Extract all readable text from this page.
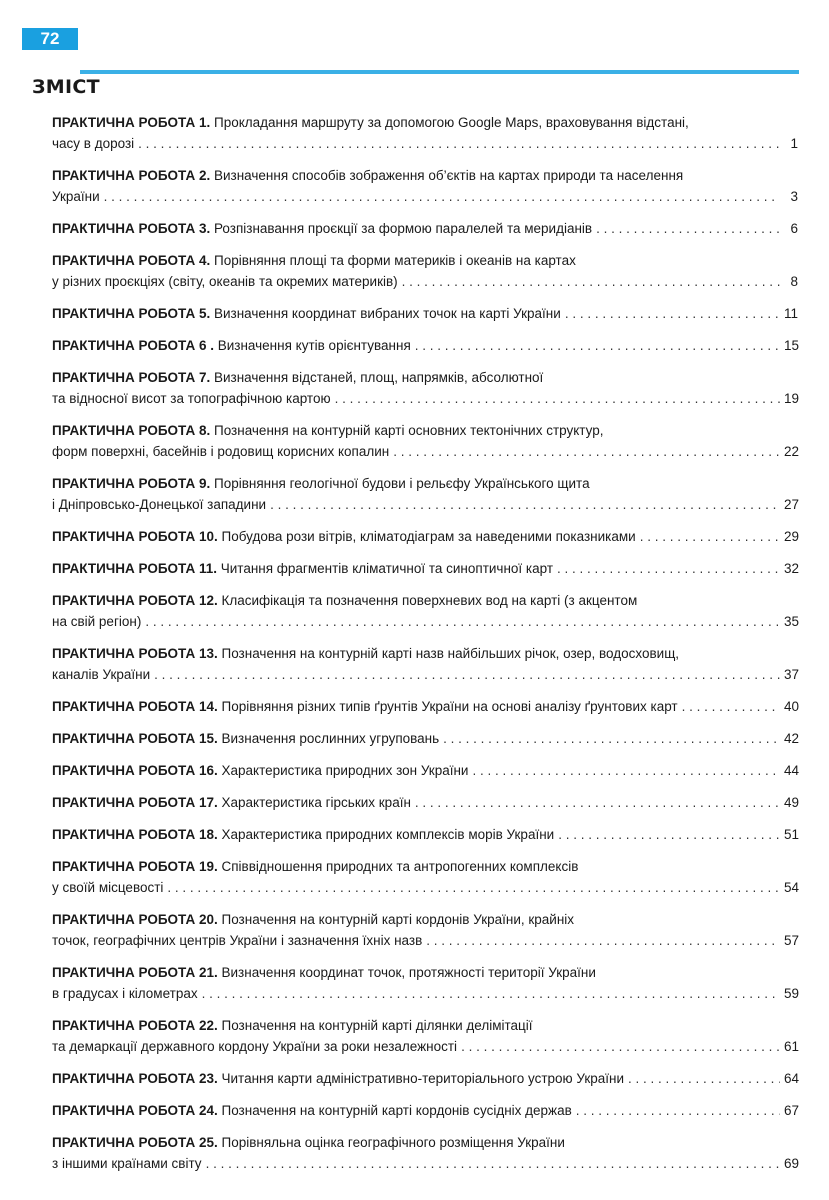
72
ЗМІСТ
ПРАКТИЧНА РОБОТА 1. Прокладання маршруту за допомогою Google Maps, враховування відстані,
часу в дорозі . . .	1
ПРАКТИЧНА РОБОТА 2. Визначення способів зображення об’єктів на картах природи та населення
України . . .	3
ПРАКТИЧНА РОБОТА 3. Розпізнавання проєкції за формою паралелей та меридіанів . . .	6
ПРАКТИЧНА РОБОТА 4. Порівняння площі та форми материків і океанів на картах
у різних проєкціях (світу, океанів та окремих материків) . . .	8
ПРАКТИЧНА РОБОТА 5. Визначення координат вибраних точок на карті України . . .	11
ПРАКТИЧНА РОБОТА 6 . Визначення кутів орієнтування . . .	15
ПРАКТИЧНА РОБОТА 7. Визначення відстаней, площ, напрямків, абсолютної
та відносної висот за топографічною картою . . .	19
ПРАКТИЧНА РОБОТА 8. Позначення на контурній карті основних тектонічних структур,
форм поверхні, басейнів і родовищ корисних копалин . . .	22
ПРАКТИЧНА РОБОТА 9. Порівняння геологічної будови і рельєфу Українського щита
і Дніпровсько-Донецької западини . . .	27
ПРАКТИЧНА РОБОТА 10. Побудова рози вітрів, кліматодіаграм за наведеними показниками . . .	29
ПРАКТИЧНА РОБОТА 11. Читання фрагментів кліматичної та синоптичної карт . . .	32
ПРАКТИЧНА РОБОТА 12. Класифікація та позначення поверхневих вод на карті (з акцентом
на свій регіон) . . .	35
ПРАКТИЧНА РОБОТА 13. Позначення на контурній карті назв найбільших річок, озер, водосховищ,
каналів України . . .	37
ПРАКТИЧНА РОБОТА 14. Порівняння різних типів ґрунтів України на основі аналізу ґрунтових карт . . .	40
ПРАКТИЧНА РОБОТА 15. Визначення рослинних угруповань . . .	42
ПРАКТИЧНА РОБОТА 16. Характеристика природних зон України . . .	44
ПРАКТИЧНА РОБОТА 17. Характеристика гірських країн . . .	49
ПРАКТИЧНА РОБОТА 18. Характеристика природних комплексів морів України . . .	51
ПРАКТИЧНА РОБОТА 19. Співвідношення природних та антропогенних комплексів
у своїй місцевості . . .	54
ПРАКТИЧНА РОБОТА 20. Позначення на контурній карті кордонів України, крайніх
точок, географічних центрів України і зазначення їхніх назв . . .	57
ПРАКТИЧНА РОБОТА 21. Визначення координат точок, протяжності території України
в градусах і кілометрах . . .	59
ПРАКТИЧНА РОБОТА 22. Позначення на контурній карті ділянки делімітації
та демаркації державного кордону України за роки незалежності . . .	61
ПРАКТИЧНА РОБОТА 23. Читання карти адміністративно-територіального устрою України . . .	64
ПРАКТИЧНА РОБОТА 24. Позначення на контурній карті кордонів сусідніх держав . . .	67
ПРАКТИЧНА РОБОТА 25. Порівняльна оцінка географічного розміщення України
з іншими країнами світу . . .	69
